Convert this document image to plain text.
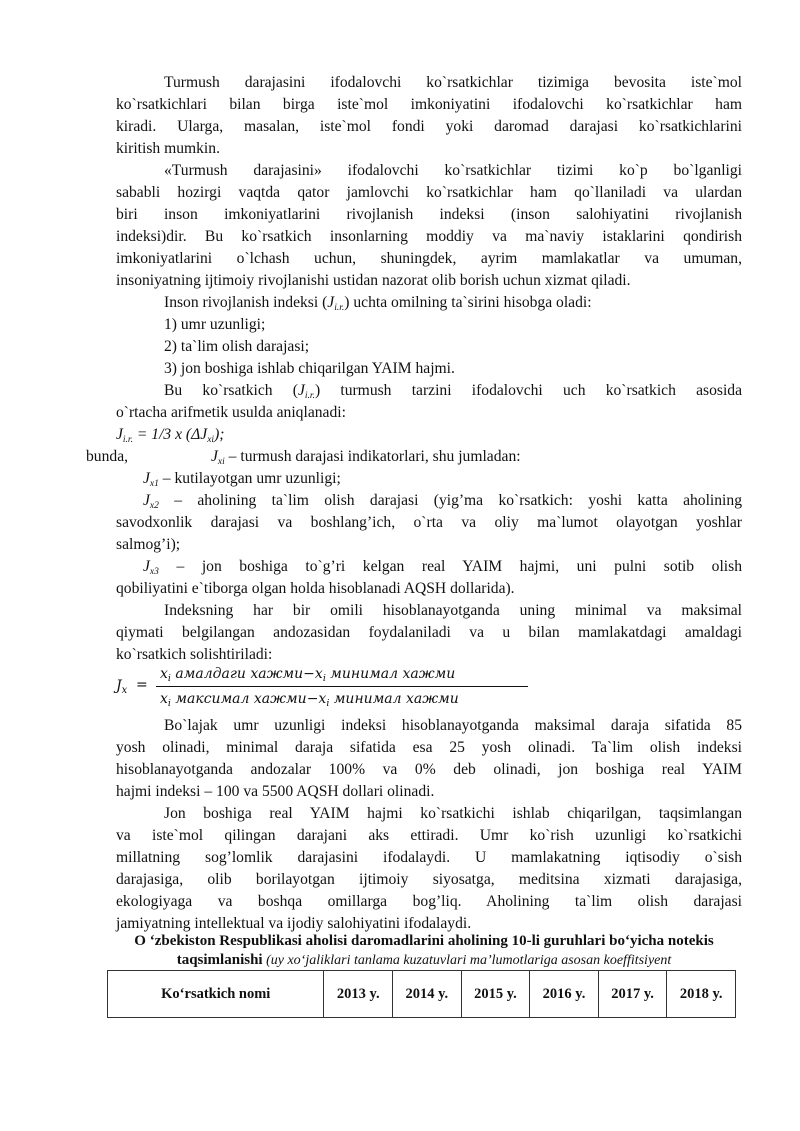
Turmush darajasini ifodalovchi ko`rsatkichlar tizimiga bevosita iste`mol
ko`rsatkichlari bilan birga iste`mol imkoniyatini ifodalovchi ko`rsatkichlar ham
kiradi. Ularga, masalan, iste`mol fondi yoki daromad darajasi ko`rsatkichlarini
kiritish mumkin.
«Turmush darajasini» ifodalovchi ko`rsatkichlar tizimi ko`p bo`lganligi
sababli hozirgi vaqtda qator jamlovchi ko`rsatkichlar ham qo`llaniladi va ulardan
biri inson imkoniyatlarini rivojlanish indeksi (inson salohiyatini rivojlanish
indeksi)dir. Bu ko`rsatkich insonlarning moddiy va ma`naviy istaklarini qondirish
imkoniyatlarini o`lchash uchun, shuningdek, ayrim mamlakatlar va umuman,
insoniyatning ijtimoiy rivojlanishi ustidan nazorat olib borish uchun xizmat qiladi.
Inson rivojlanish indeksi $(J_{i.r.})$ uchta omilning ta`sirini hisobga oladi:
1) umr uzunligi;
2) ta`lim olish darajasi;
3) jon boshiga ishlab chiqarilgan YAIM hajmi.
Bu ko`rsatkich $(J_{i.r.})$ turmush tarzini ifodalovchi uch ko`rsatkich asosida
o`rtacha arifmetik usulda aniqlanadi:
$J_{i.r.} = 1/3$ x $(\Delta J_{xi})$;
bunda,	$J_{xi}$ – turmush darajasi indikatorlari, shu jumladan:
$J_{x1}$ – kutilayotgan umr uzunligi;
$J_{x2}$ – aholining ta`lim olish darajasi (yig’ma ko`rsatkich: yoshi katta aholining
savodxonlik darajasi va boshlang’ich, o`rta va oliy ma`lumot olayotgan yoshlar
salmog’i);
$J_{x3}$ – jon boshiga to`g’ri kelgan real YAIM hajmi, uni pulni sotib olish
qobiliyatini e`tiborga olgan holda hisoblanadi AQSH dollarida).
Indeksning har bir omili hisoblanayotganda uning minimal va maksimal
qiymati belgilangan andozasidan foydalaniladi va u bilan mamlakatdagi amaldagi
ko`rsatkich solishtiriladi:
$J_x$ =
$x_i$ амалдаги $хажми-x_i$ минимал хажми
$x_i$ максимал $хажми-x_i$ минимал хажми
Bo`lajak umr uzunligi indeksi hisoblanayotganda maksimal daraja sifatida 85
yosh olinadi, minimal daraja sifatida esa 25 yosh olinadi. Ta`lim olish indeksi
hisoblanayotganda andozalar 100% va 0% deb olinadi, jon boshiga real YAIM
hajmi indeksi – 100 va 5500 AQSH dollari olinadi.
Jon boshiga real YAIM hajmi ko`rsatkichi ishlab chiqarilgan, taqsimlangan
va iste`mol qilingan darajani aks ettiradi. Umr ko`rish uzunligi ko`rsatkichi
millatning sog’lomlik darajasini ifodalaydi. U mamlakatning iqtisodiy o`sish
darajasiga, olib borilayotgan ijtimoiy siyosatga, meditsina xizmati darajasiga,
ekologiyaga va boshqa omillarga bog’liq. Aholining ta`lim olish darajasi
jamiyatning intellektual va ijodiy salohiyatini ifodalaydi.
O ‘zbekiston Respublikasi aholisi daromadlarini aholining 10-li guruhlari bo‘yicha notekis
taqsimlanishi (uy xo‘jaliklari tanlama kuzatuvlari ma’lumotlariga asosan koeffitsiyent
Ko‘rsatkich nomi	2013 y.	2014 y.	2015 y.	2016 y.	2017 y.	2018 y.
